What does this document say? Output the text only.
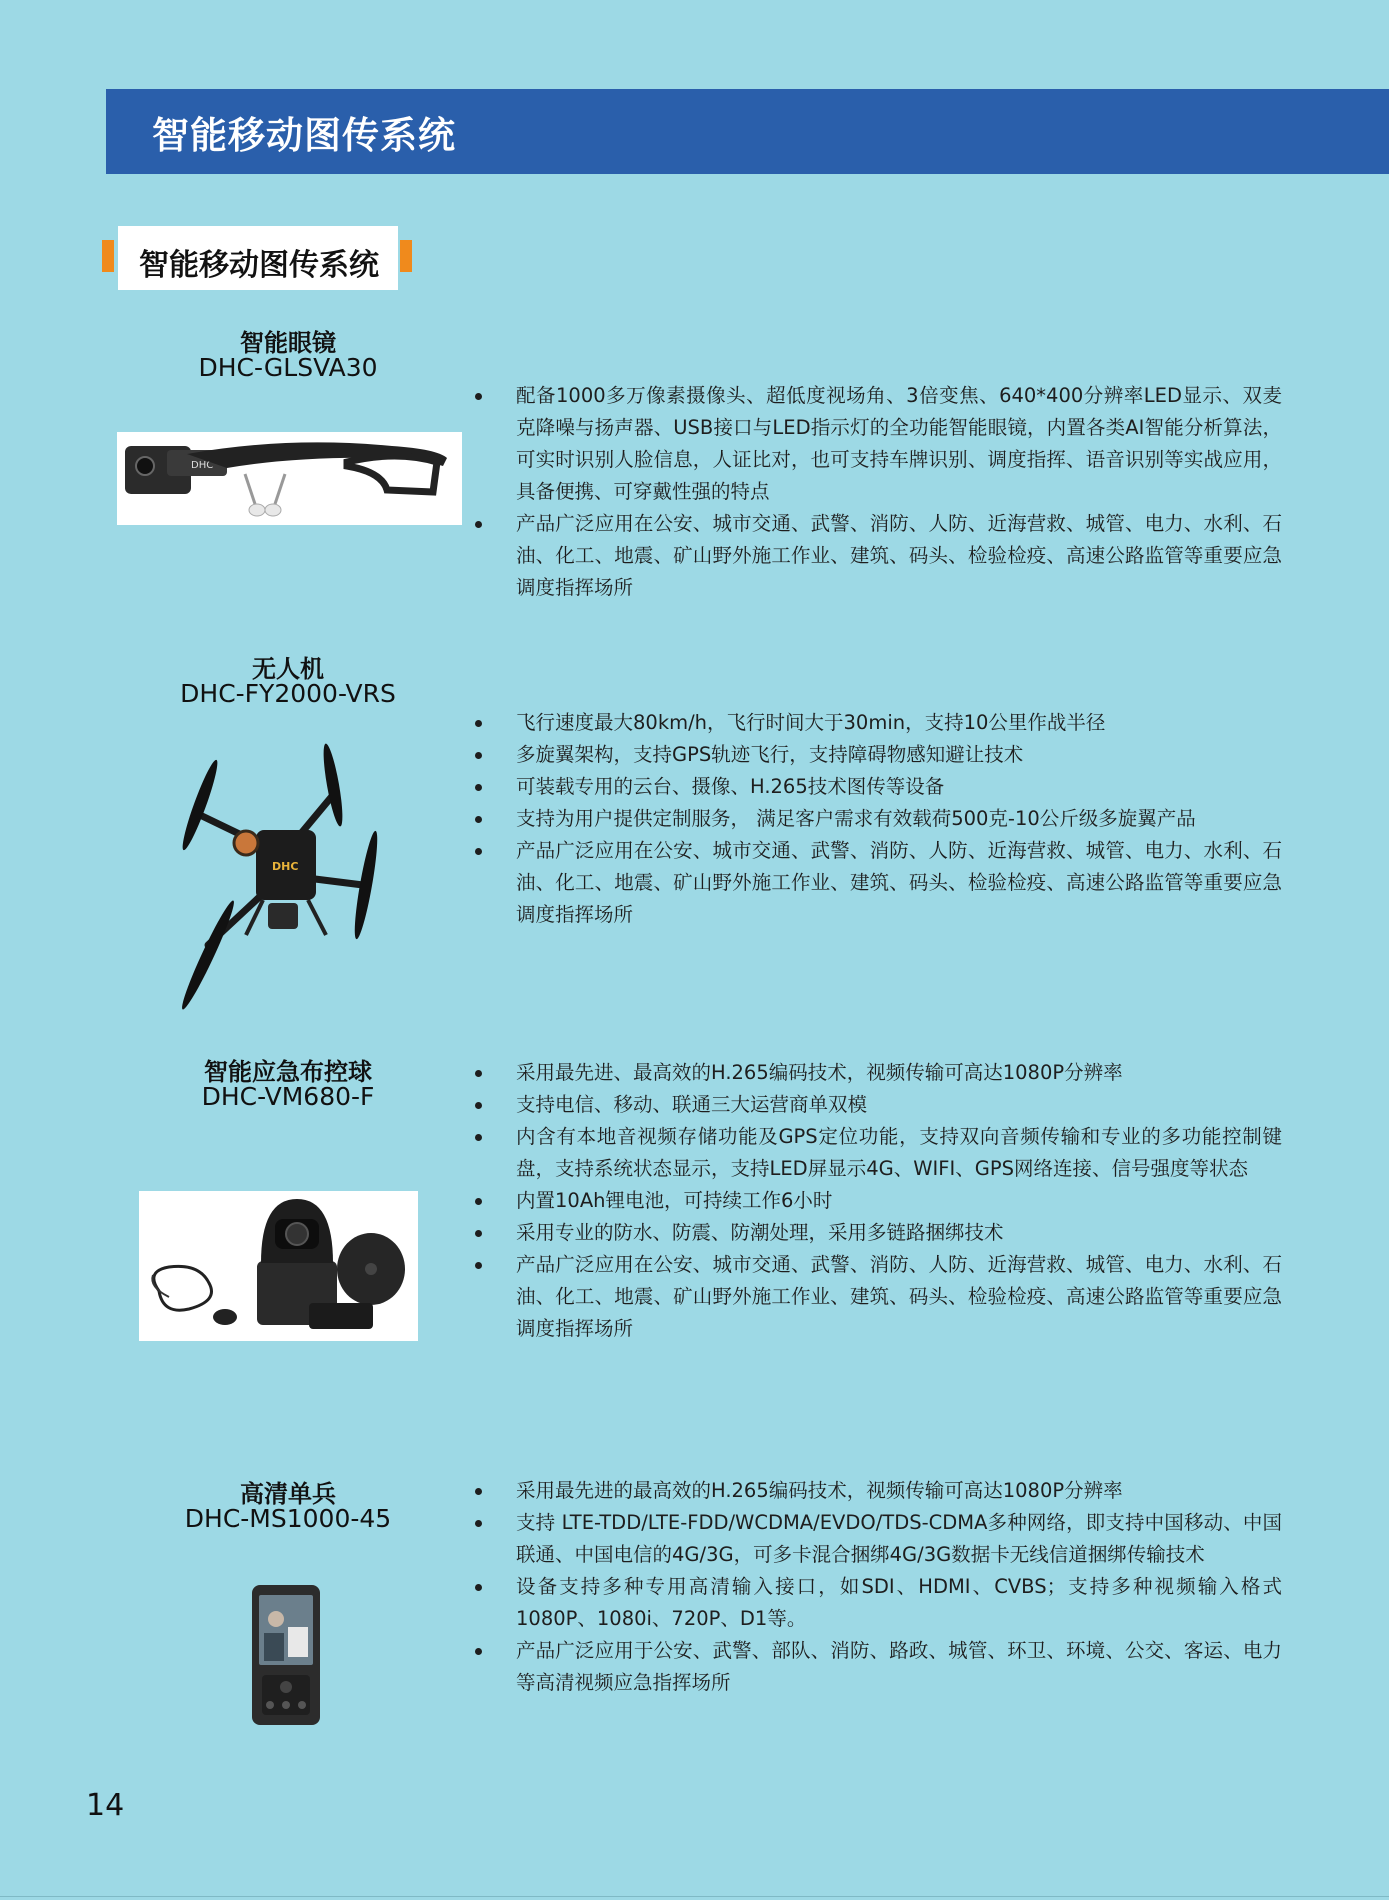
智能移动图传系统
智能移动图传系统
智能眼镜
DHC-GLSVA30
DHC
配备1000多万像素摄像头、超低度视场角、3倍变焦、640*400分辨率LED显示、双麦克降噪与扬声器、USB接口与LED指示灯的全功能智能眼镜，内置各类AI智能分析算法，可实时识别人脸信息，人证比对，也可支持车牌识别、调度指挥、语音识别等实战应用，具备便携、可穿戴性强的特点
产品广泛应用在公安、城市交通、武警、消防、人防、近海营救、城管、电力、水利、石油、化工、地震、矿山野外施工作业、建筑、码头、检验检疫、高速公路监管等重要应急调度指挥场所
无人机
DHC-FY2000-VRS
DHC
飞行速度最大80km/h，飞行时间大于30min，支持10公里作战半径
多旋翼架构，支持GPS轨迹飞行，支持障碍物感知避让技术
可装载专用的云台、摄像、H.265技术图传等设备
支持为用户提供定制服务， 满足客户需求有效载荷500克-10公斤级多旋翼产品
产品广泛应用在公安、城市交通、武警、消防、人防、近海营救、城管、电力、水利、石油、化工、地震、矿山野外施工作业、建筑、码头、检验检疫、高速公路监管等重要应急调度指挥场所
智能应急布控球
DHC-VM680-F
采用最先进、最高效的H.265编码技术，视频传输可高达1080P分辨率
支持电信、移动、联通三大运营商单双模
内含有本地音视频存储功能及GPS定位功能，支持双向音频传输和专业的多功能控制键盘，支持系统状态显示，支持LED屏显示4G、WIFI、GPS网络连接、信号强度等状态
内置10Ah锂电池，可持续工作6小时
采用专业的防水、防震、防潮处理，采用多链路捆绑技术
产品广泛应用在公安、城市交通、武警、消防、人防、近海营救、城管、电力、水利、石油、化工、地震、矿山野外施工作业、建筑、码头、检验检疫、高速公路监管等重要应急调度指挥场所
高清单兵
DHC-MS1000-45
采用最先进的最高效的H.265编码技术，视频传输可高达1080P分辨率
支持 LTE-TDD/LTE-FDD/WCDMA/EVDO/TDS-CDMA多种网络，即支持中国移动、中国联通、中国电信的4G/3G，可多卡混合捆绑4G/3G数据卡无线信道捆绑传输技术
设备支持多种专用高清输入接口，如SDI、HDMI、CVBS；支持多种视频输入格式1080P、1080i、720P、D1等。
产品广泛应用于公安、武警、部队、消防、路政、城管、环卫、环境、公交、客运、电力等高清视频应急指挥场所
14
